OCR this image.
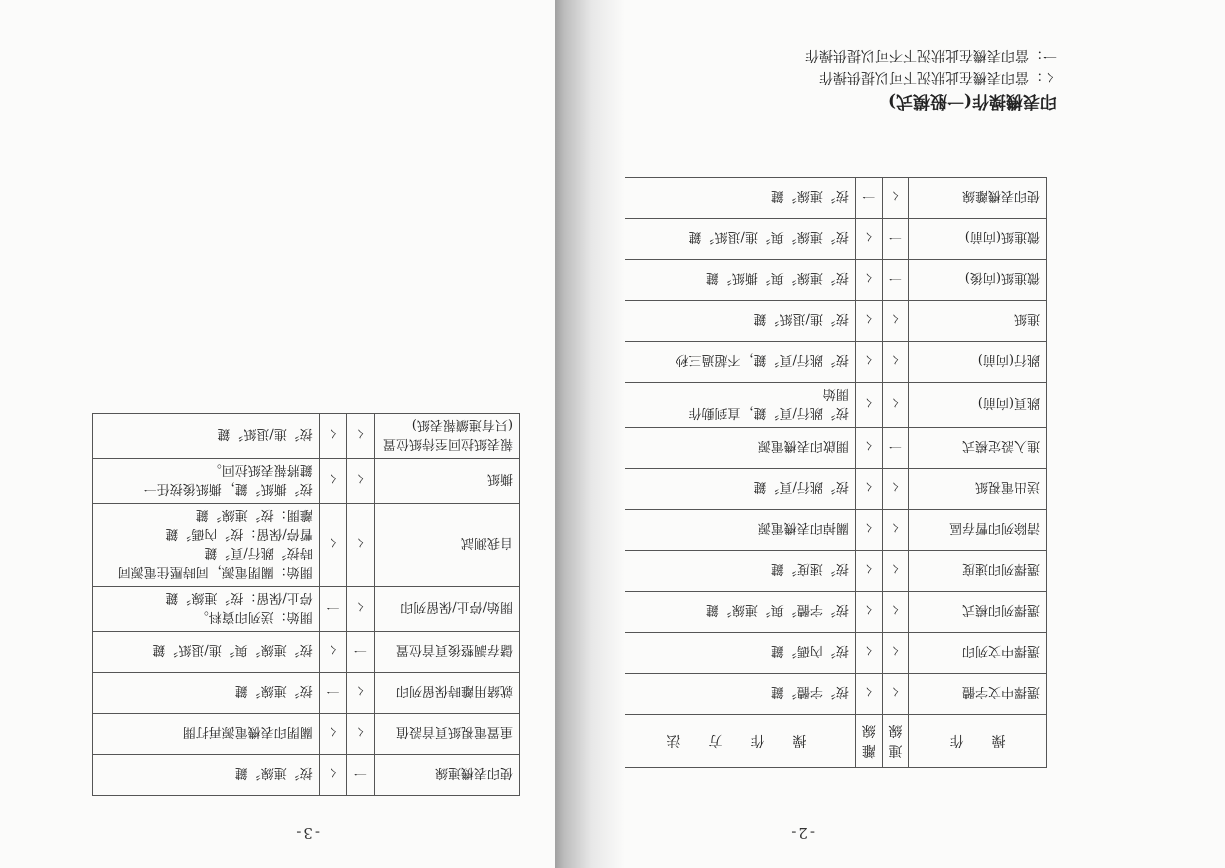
-2-
操　　作	連線	離線	操　　作　　方　　法
選擇中文字體	ㄑ	ㄑ	按〞字體〞鍵

選擇中文列印	ㄑ	ㄑ	按〞內碼〞鍵

選擇列印模式	ㄑ	ㄑ	按〞字體〞與〞連線〞鍵

選擇列印速度	ㄑ	ㄑ	按〞速度〞鍵

清除列印暫存區	ㄑ	ㄑ	關掉印表機電源

送出電視紙	ㄑ	ㄑ	按〞跳行/頁〞鍵

進入設定模式	一	ㄑ	開啟印表機電源

跳頁(向前)	ㄑ	ㄑ	按〞跳行/頁〞鍵，直到動作
開始

跳行(向前)	ㄑ	ㄑ	按〞跳行/頁〞鍵，不超過三秒

進紙	ㄑ	ㄑ	按〞進/退紙〞鍵

微進紙(向後)	一	ㄑ	按〞連線〞與〞撕紙〞鍵

微進紙(向前)	一	ㄑ	按〞連線〞與〞進/退紙〞鍵

使印表機離線	ㄑ	一	按〞連線〞鍵
印表機操作(一般模式)
ㄑ：當印表機在此狀況下可以提供操作
一：當印表機在此狀況下不可以提供操作
-3-
使印表機連線	一	ㄑ	按〞連線〞鍵

重置電視紙頁首設值	ㄑ	ㄑ	關閉印表機電源再打開

就緒用離時保留列印	ㄑ	一	按〞連線〞鍵

儲存調整後頁首位置	一	ㄑ	按〞連線〞與〞進/退紙〞鍵

開始/停止/保留列印	ㄑ	一	開始：送列印資料。
停止/保留：按〞連線〞鍵

自我測試	ㄑ	ㄑ	開始：關閉電源，同時壓住電源同
時按〞跳行/頁〞鍵
暫停/保留：按〞內碼〞鍵
離開：按〞連線〞鍵

撕紙	ㄑ	ㄑ	按〞撕紙〞鍵，撕紙後按任一
鍵將報表紙拉回。

報表紙拉回至待紙位置(只有連續報表紙)	ㄑ	ㄑ	按〞進/退紙〞鍵
